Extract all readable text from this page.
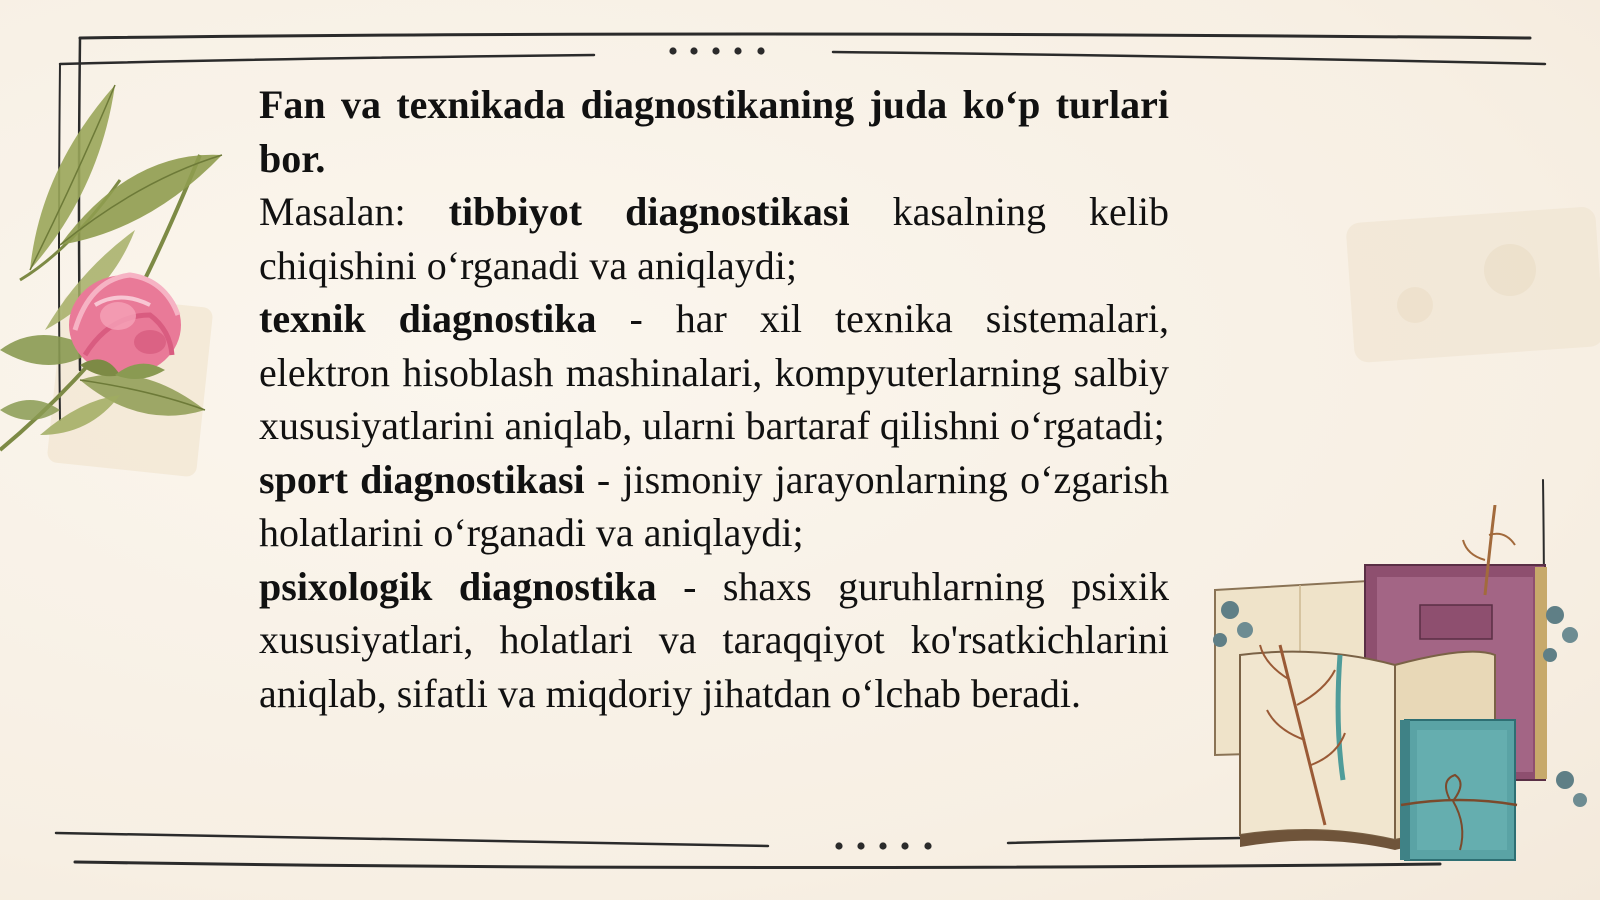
Fan va texnikada diagnostikaning juda ko‘p turlari bor.

Masalan: tibbiyot diagnostikasi kasalning kelib chiqishini o‘rganadi va aniqlaydi;

texnik diagnostika - har xil texnika sistemalari, elektron hisoblash mashinalari, kompyuterlarning salbiy xususiyatlarini aniqlab, ularni bartaraf qilishni o‘rgatadi;

sport diagnostikasi - jismoniy jarayonlarning o‘zgarish holatlarini o‘rganadi va aniqlaydi;

psixologik diagnostika - shaxs guruhlarning psixik xususiyatlari, holatlari va taraqqiyot ko'rsatkichlarini aniqlab, sifatli va miqdoriy jihatdan o‘lchab beradi.
